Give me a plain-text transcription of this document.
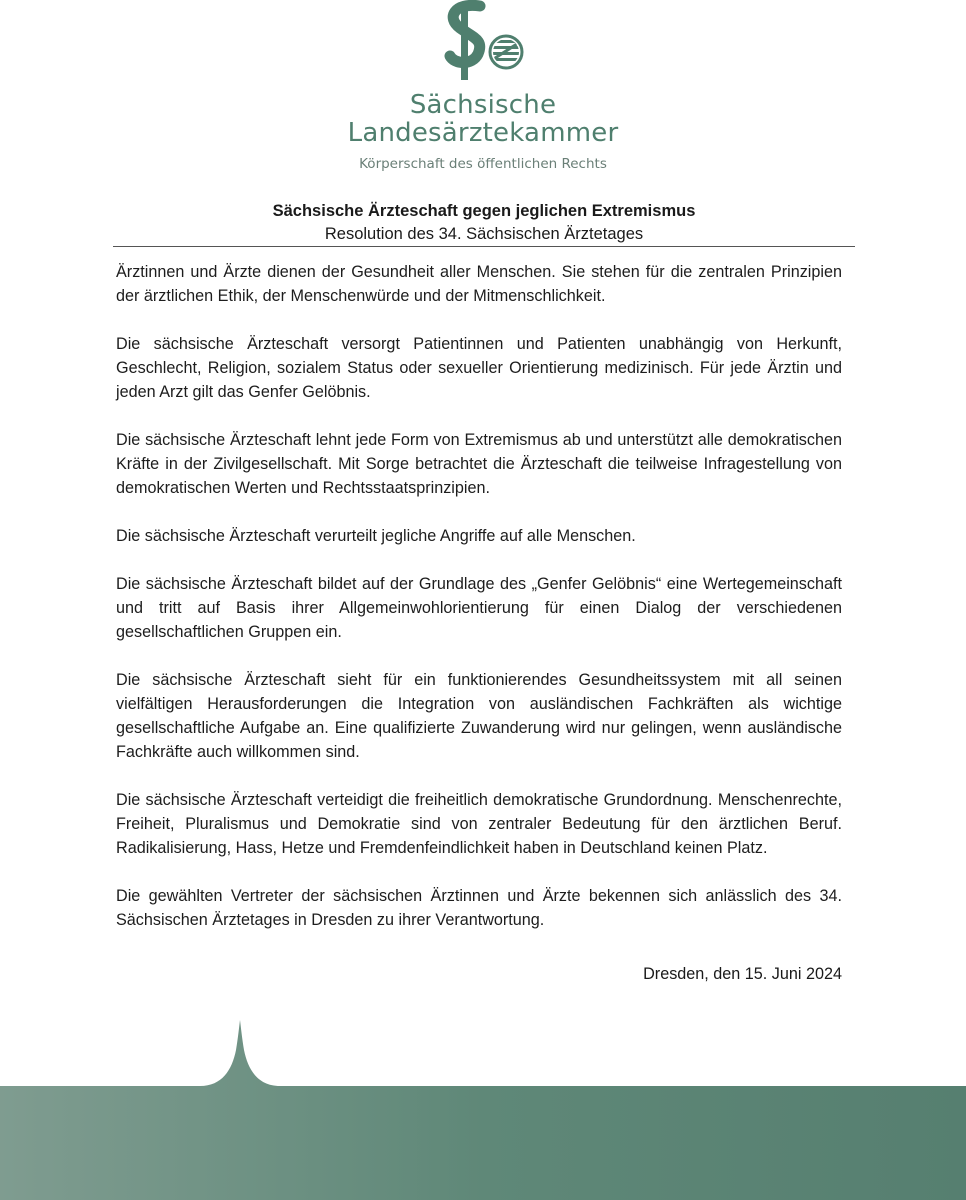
Sächsische
Landesärztekammer
Körperschaft des öffentlichen Rechts
Sächsische Ärzteschaft gegen jeglichen Extremismus
Resolution des 34. Sächsischen Ärztetages

Ärztinnen und Ärzte dienen der Gesundheit aller Menschen. Sie stehen für die zentralen Prinzipien der ärztlichen Ethik, der Menschenwürde und der Mitmenschlichkeit.

Die sächsische Ärzteschaft versorgt Patientinnen und Patienten unabhängig von Herkunft, Geschlecht, Religion, sozialem Status oder sexueller Orientierung medizinisch. Für jede Ärztin und jeden Arzt gilt das Genfer Gelöbnis.

Die sächsische Ärzteschaft lehnt jede Form von Extremismus ab und unterstützt alle demokratischen Kräfte in der Zivilgesellschaft. Mit Sorge betrachtet die Ärzteschaft die teilweise Infragestellung von demokratischen Werten und Rechtsstaatsprinzipien.

Die sächsische Ärzteschaft verurteilt jegliche Angriffe auf alle Menschen.

Die sächsische Ärzteschaft bildet auf der Grundlage des „Genfer Gelöbnis“ eine Wertegemeinschaft und tritt auf Basis ihrer Allgemeinwohlorientierung für einen Dialog der verschiedenen gesellschaftlichen Gruppen ein.

Die sächsische Ärzteschaft sieht für ein funktionierendes Gesundheitssystem mit all seinen vielfältigen Herausforderungen die Integration von ausländischen Fachkräften als wichtige gesellschaftliche Aufgabe an. Eine qualifizierte Zuwanderung wird nur gelingen, wenn ausländische Fachkräfte auch willkommen sind.

Die sächsische Ärzteschaft verteidigt die freiheitlich demokratische Grundordnung. Menschenrechte, Freiheit, Pluralismus und Demokratie sind von zentraler Bedeutung für den ärztlichen Beruf. Radikalisierung, Hass, Hetze und Fremdenfeindlichkeit haben in Deutschland keinen Platz.

Die gewählten Vertreter der sächsischen Ärztinnen und Ärzte bekennen sich anlässlich des 34. Sächsischen Ärztetages in Dresden zu ihrer Verantwortung.

Dresden, den 15. Juni 2024
